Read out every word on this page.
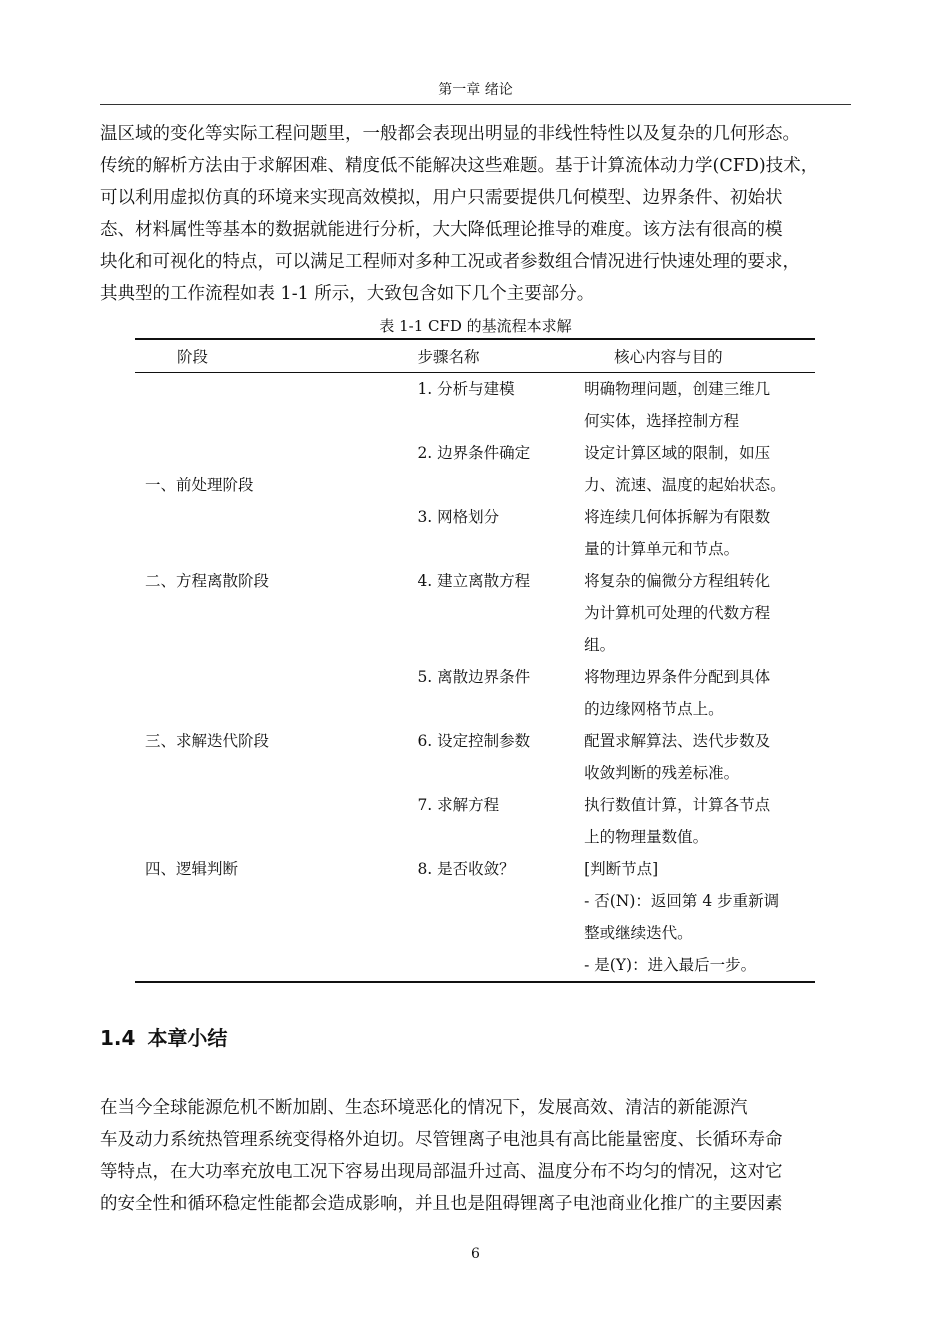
第一章 绪论
温区域的变化等实际工程问题里，一般都会表现出明显的非线性特性以及复杂的几何形态。
传统的解析方法由于求解困难、精度低不能解决这些难题。基于计算流体动力学(CFD)技术，
可以利用虚拟仿真的环境来实现高效模拟，用户只需要提供几何模型、边界条件、初始状
态、材料属性等基本的数据就能进行分析，大大降低理论推导的难度。该方法有很高的模
块化和可视化的特点，可以满足工程师对多种工况或者参数组合情况进行快速处理的要求，
其典型的工作流程如表 1-1 所示，大致包含如下几个主要部分。
表 1-1 CFD 的基流程本求解
阶段	步骤名称	核心内容与目的
	1. 分析与建模	明确物理问题，创建三维几
		何实体，选择控制方程
	2. 边界条件确定	设定计算区域的限制，如压
一、前处理阶段		力、流速、温度的起始状态。
	3. 网格划分	将连续几何体拆解为有限数
		量的计算单元和节点。
二、方程离散阶段	4. 建立离散方程	将复杂的偏微分方程组转化
		为计算机可处理的代数方程
		组。
	5. 离散边界条件	将物理边界条件分配到具体
		的边缘网格节点上。
三、求解迭代阶段	6. 设定控制参数	配置求解算法、迭代步数及
		收敛判断的残差标准。
	7. 求解方程	执行数值计算，计算各节点
		上的物理量数值。
四、逻辑判断	8. 是否收敛？	[判断节点]
		- 否(N)：返回第 4 步重新调
		整或继续迭代。
		- 是(Y)：进入最后一步。
1.4 本章小结
在当今全球能源危机不断加剧、生态环境恶化的情况下，发展高效、清洁的新能源汽
车及动力系统热管理系统变得格外迫切。尽管锂离子电池具有高比能量密度、长循环寿命
等特点，在大功率充放电工况下容易出现局部温升过高、温度分布不均匀的情况，这对它
的安全性和循环稳定性能都会造成影响，并且也是阻碍锂离子电池商业化推广的主要因素
6
